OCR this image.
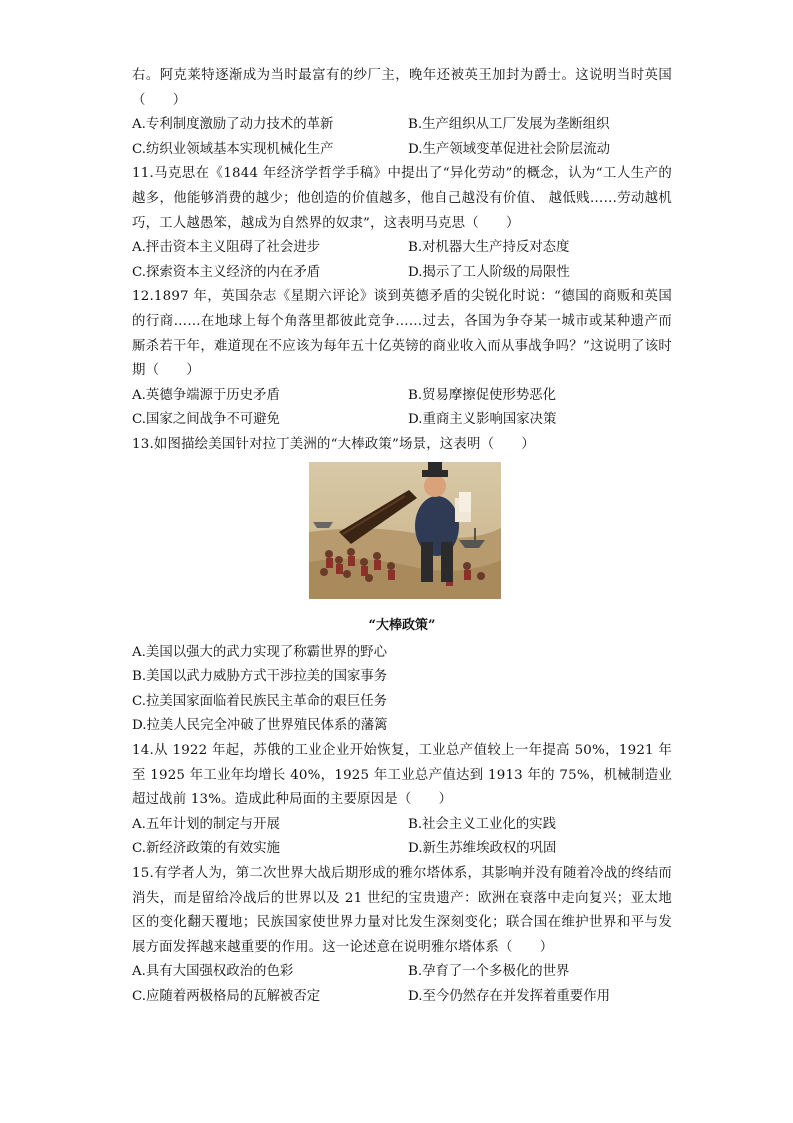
右。阿克莱特逐渐成为当时最富有的纱厂主，晚年还被英王加封为爵士。这说明当时英国（　　）

A.专利制度激励了动力技术的革新	B.生产组织从工厂发展为垄断组织
C.纺织业领域基本实现机械化生产	D.生产领域变革促进社会阶层流动

11.马克思在《1844 年经济学哲学手稿》中提出了“异化劳动”的概念，认为“工人生产的越多，他能够消费的越少；他创造的价值越多，他自己越没有价值、 越低贱……劳动越机巧，工人越愚笨，越成为自然界的奴隶”，这表明马克思（　　）

A.抨击资本主义阻碍了社会进步	B.对机器大生产持反对态度
C.探索资本主义经济的内在矛盾	D.揭示了工人阶级的局限性

12.1897 年，英国杂志《星期六评论》谈到英德矛盾的尖锐化时说：“德国的商贩和英国的行商……在地球上每个角落里都彼此竞争……过去，各国为争夺某一城市或某种遗产而厮杀若干年，难道现在不应该为每年五十亿英镑的商业收入而从事战争吗？”这说明了该时期（　　）

A.英德争端源于历史矛盾	B.贸易摩擦促使形势恶化
C.国家之间战争不可避免	D.重商主义影响国家决策

13.如图描绘美国针对拉丁美洲的“大棒政策”场景，这表明（　　）

“大棒政策”
A.美国以强大的武力实现了称霸世界的野心
B.美国以武力威胁方式干涉拉美的国家事务
C.拉美国家面临着民族民主革命的艰巨任务
D.拉美人民完全冲破了世界殖民体系的藩篱

14.从 1922 年起，苏俄的工业企业开始恢复，工业总产值较上一年提高 50%，1921 年至 1925 年工业年均增长 40%，1925 年工业总产值达到 1913 年的 75%，机械制造业超过战前 13%。造成此种局面的主要原因是（　　）

A.五年计划的制定与开展	B.社会主义工业化的实践
C.新经济政策的有效实施	D.新生苏维埃政权的巩固

15.有学者人为，第二次世界大战后期形成的雅尔塔体系，其影响并没有随着冷战的终结而消失，而是留给冷战后的世界以及 21 世纪的宝贵遗产：欧洲在衰落中走向复兴；亚太地区的变化翻天覆地；民族国家使世界力量对比发生深刻变化；联合国在维护世界和平与发展方面发挥越来越重要的作用。这一论述意在说明雅尔塔体系（　　）

A.具有大国强权政治的色彩	B.孕育了一个多极化的世界
C.应随着两极格局的瓦解被否定	D.至今仍然存在并发挥着重要作用
